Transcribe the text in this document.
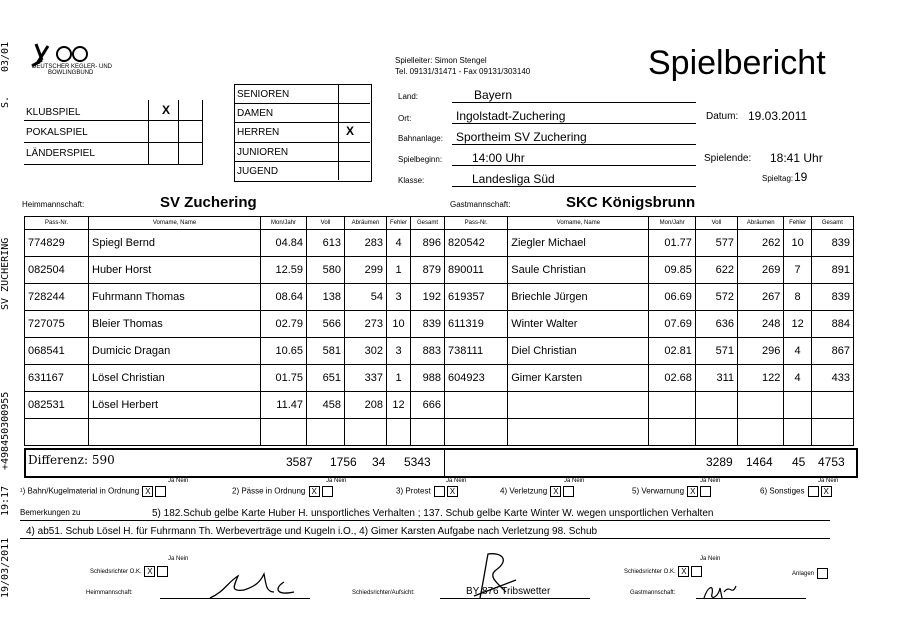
03/01
S.
SV ZUCHERING
+498450300955
19:17
19/03/2011
DEUTSCHER KEGLER- UND
BOWLINGBUND
Spielleiter: Simon Stengel
Tel. 09131/31471 - Fax 09131/303140	Spielbericht
KLUBSPIEL	X
POKALSPIEL
LÄNDERSPIEL
SENIOREN
DAMEN
HERREN	X
JUNIOREN
JUGEND
Land:	Bayern
Ort:	Ingolstadt-Zuchering	Datum: 19.03.2011
Bahnanlage: Sportheim SV Zuchering
Spielbeginn: 14:00 Uhr	Spielende: 18:41 Uhr
Klasse:	Landesliga Süd	Spieltag: 19
Heimmannschaft:	SV Zuchering	Gastmannschaft:	SKC Königsbrunn
Pass-Nr.	Vorname, Name	Mon/Jahr	Voll	Abräumen	Fehler	Gesamt
774829	Spiegl Bernd	04.84	613	283	4	896
082504	Huber Horst	12.59	580	299	1	879
728244	Fuhrmann Thomas	08.64	138	54	3	192
727075	Bleier Thomas	02.79	566	273	10	839
068541	Dumicic Dragan	10.65	581	302	3	883
631167	Lösel Christian	01.75	651	337	1	988
082531	Lösel Herbert	11.47	458	208	12	666

Pass-Nr.	Vorname, Name	Mon/Jahr	Voll	Abräumen	Fehler	Gesamt
820542	Ziegler Michael	01.77	577	262	10	839
890011	Saule Christian	09.85	622	269	7	891
619357	Briechle Jürgen	06.69	572	267	8	839
611319	Winter Walter	07.69	636	248	12	884
738111	Diel Christian	02.81	571	296	4	867
604923	Gimer Karsten	02.68	311	122	4	433

Differenz: 590	3587 1756 34 5343	3289 1464 45 4753
¹) Bahn/Kugelmaterial in Ordnung X	2) Pässe in Ordnung X	3) Protest X	4) Verletzung X	5) Verwarnung X	6) Sonstiges X
Ja Nein	Ja Nein	Ja Nein	Ja Nein	Ja Nein	Ja Nein
Bemerkungen zu	5) 182.Schub gelbe Karte Huber H. unsportliches Verhalten ; 137. Schub gelbe Karte Winter W. wegen unsportlichen Verhalten
4) ab51. Schub Lösel H. für Fuhrmann Th. Werbeverträge und Kugeln i.O., 4) Gimer Karsten Aufgabe nach Verletzung 98. Schub
Ja Nein
Schiedsrichter O.K. X
Heimmannschaft:	Schiedsrichter/Aufsicht:	BY 876 Tribswetter
Ja Nein
Schiedsrichter O.K. X
Gastmannschaft:
Anlagen
